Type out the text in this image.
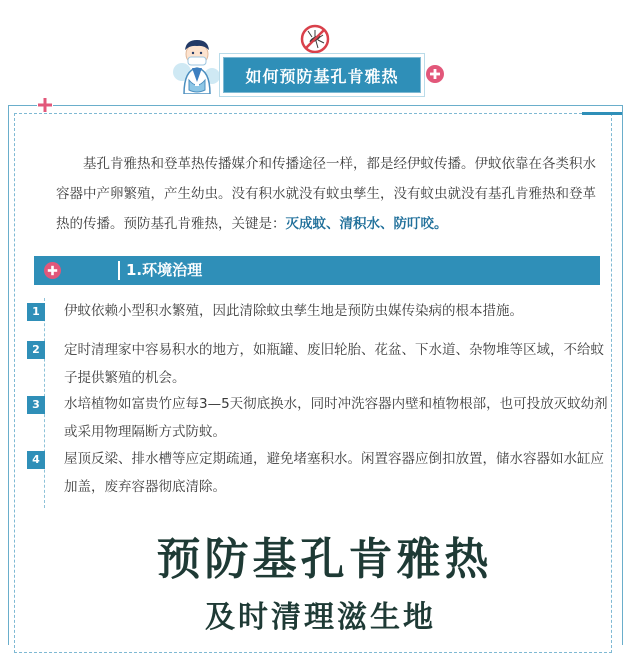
如何预防基孔肯雅热

基孔肯雅热和登革热传播媒介和传播途径一样，都是经伊蚊传播。伊蚊依靠在各类积水容器中产卵繁殖，产生幼虫。没有积水就没有蚊虫孳生，没有蚊虫就没有基孔肯雅热和登革热的传播。预防基孔肯雅热，关键是：灭成蚊、清积水、防叮咬。

1.环境治理
1	伊蚊依赖小型积水繁殖，因此清除蚊虫孳生地是预防虫媒传染病的根本措施。

2	定时清理家中容易积水的地方，如瓶罐、废旧轮胎、花盆、下水道、杂物堆等区域，不给蚊子提供繁殖的机会。

3	水培植物如富贵竹应每3—5天彻底换水，同时冲洗容器内壁和植物根部，也可投放灭蚊幼剂或采用物理隔断方式防蚊。

4	屋顶反梁、排水槽等应定期疏通，避免堵塞积水。闲置容器应倒扣放置，储水容器如水缸应加盖，废弃容器彻底清除。

预防基孔肯雅热
及时清理滋生地
